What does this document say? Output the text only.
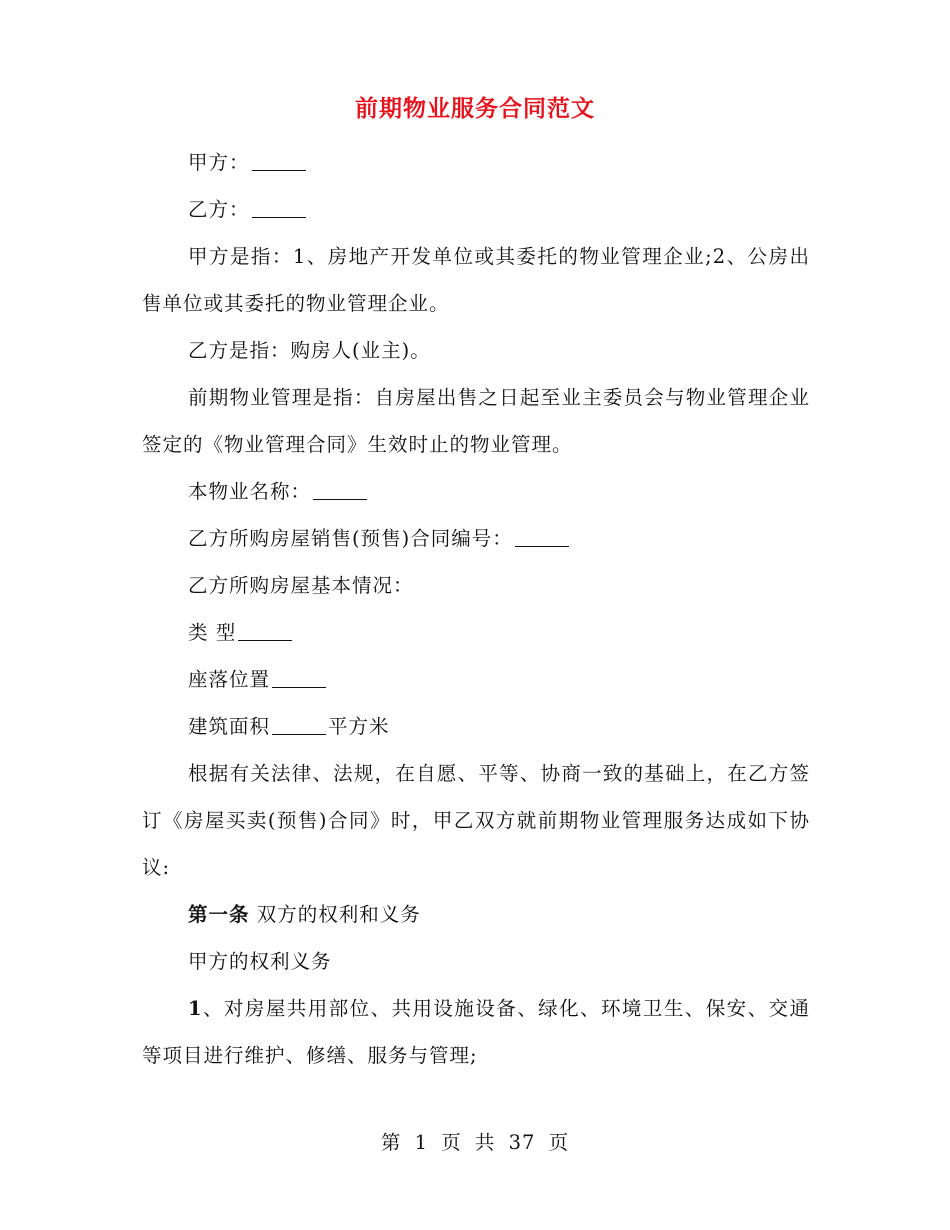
前期物业服务合同范文

甲方：

乙方：

甲方是指：1、房地产开发单位或其委托的物业管理企业;2、公房出售单位或其委托的物业管理企业。

乙方是指：购房人(业主)。

前期物业管理是指：自房屋出售之日起至业主委员会与物业管理企业签定的《物业管理合同》生效时止的物业管理。

本物业名称：

乙方所购房屋销售(预售)合同编号：

乙方所购房屋基本情况：

类 型

座落位置

建筑面积	平方米

根据有关法律、法规，在自愿、平等、协商一致的基础上，在乙方签订《房屋买卖(预售)合同》时，甲乙双方就前期物业管理服务达成如下协议:

第一条 双方的权利和义务

甲方的权利义务

1、对房屋共用部位、共用设施设备、绿化、环境卫生、保安、交通等项目进行维护、修缮、服务与管理;

第 1 页 共 37 页
